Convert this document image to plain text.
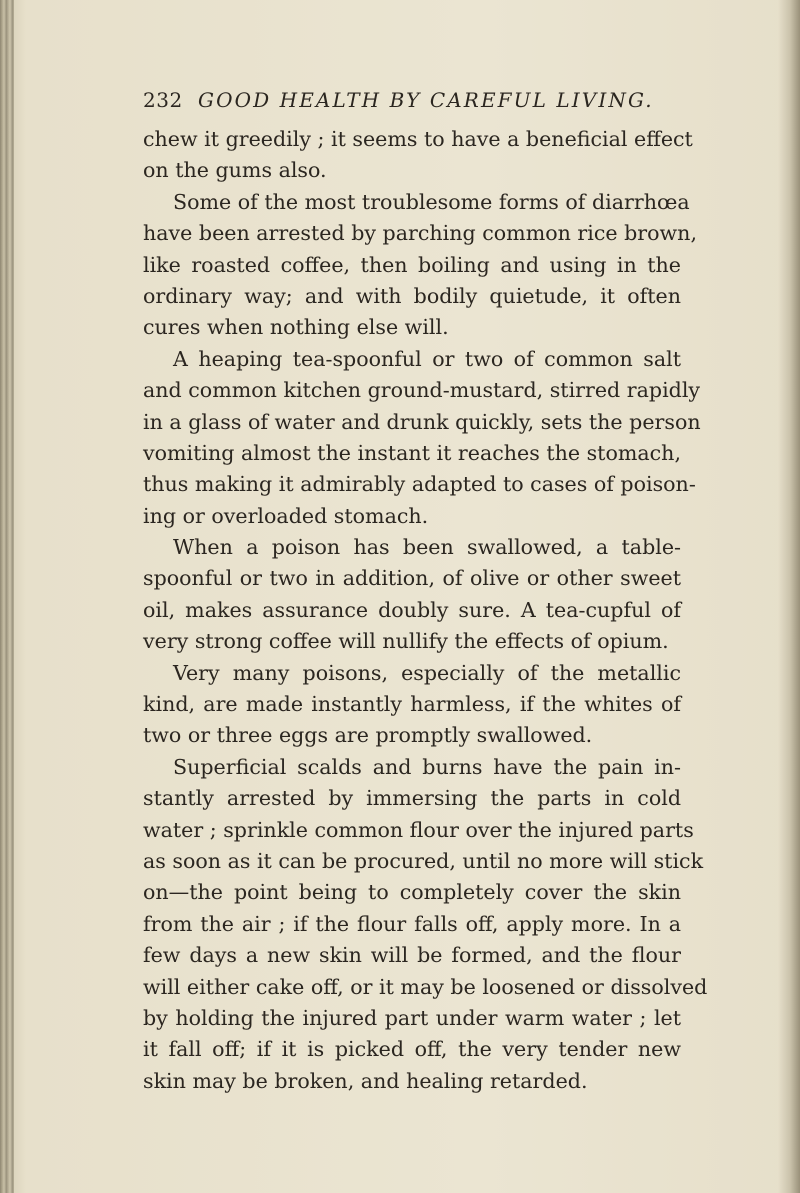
232 GOOD HEALTH BY CAREFUL LIVING.
chew it greedily ; it seems to have a beneficial effect
on the gums also.
Some of the most troublesome forms of diarrhœa
have been arrested by parching common rice brown,
like roasted coffee, then boiling and using in the
ordinary way; and with bodily quietude, it often
cures when nothing else will.
A heaping tea-spoonful or two of common salt
and common kitchen ground-mustard, stirred rapidly
in a glass of water and drunk quickly, sets the person
vomiting almost the instant it reaches the stomach,
thus making it admirably adapted to cases of poison-
ing or overloaded stomach.
When a poison has been swallowed, a table-
spoonful or two in addition, of olive or other sweet
oil, makes assurance doubly sure. A tea-cupful of
very strong coffee will nullify the effects of opium.
Very many poisons, especially of the metallic
kind, are made instantly harmless, if the whites of
two or three eggs are promptly swallowed.
Superficial scalds and burns have the pain in-
stantly arrested by immersing the parts in cold
water ; sprinkle common flour over the injured parts
as soon as it can be procured, until no more will stick
on—the point being to completely cover the skin
from the air ; if the flour falls off, apply more. In a
few days a new skin will be formed, and the flour
will either cake off, or it may be loosened or dissolved
by holding the injured part under warm water ; let
it fall off; if it is picked off, the very tender new
skin may be broken, and healing retarded.
